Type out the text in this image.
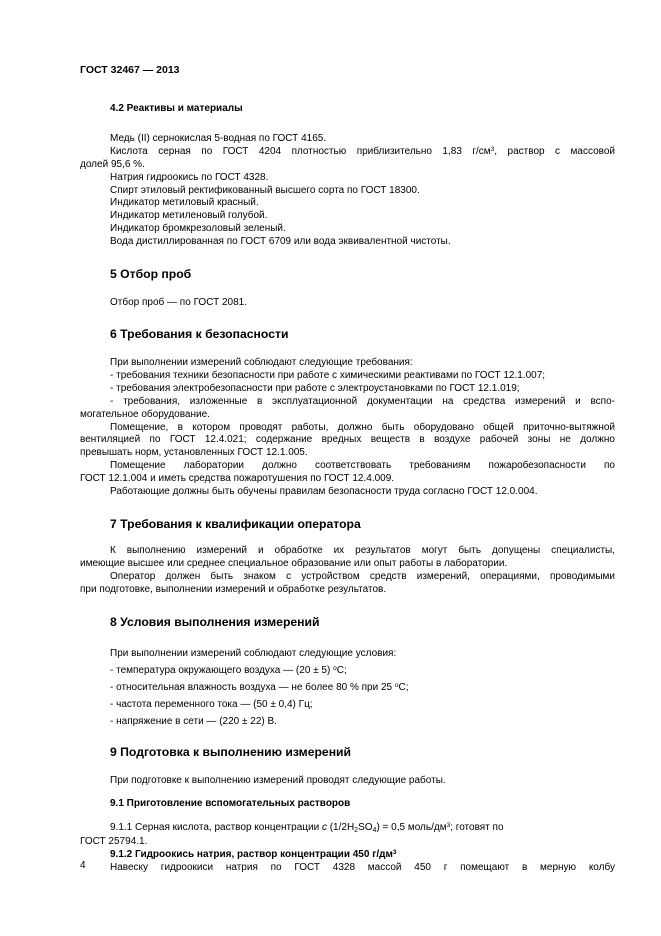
ГОСТ 32467 — 2013

4.2 Реактивы и материалы

Медь (II) сернокислая 5-водная по ГОСТ 4165.

Кислота серная по ГОСТ 4204 плотностью приблизительно 1,83 $г/см^3$, раствор с массовой

долей 95,6 %.

Натрия гидроокись по ГОСТ 4328.

Спирт этиловый ректификованный высшего сорта по ГОСТ 18300.

Индикатор метиловый красный.

Индикатор метиленовый голубой.

Индикатор бромкрезоловый зеленый.

Вода дистиллированная по ГОСТ 6709 или вода эквивалентной чистоты.

5 Отбор проб

Отбор проб — по ГОСТ 2081.

6 Требования к безопасности

При выполнении измерений соблюдают следующие требования:

- требования техники безопасности при работе с химическими реактивами по ГОСТ 12.1.007;

- требования электробезопасности при работе с электроустановками по ГОСТ 12.1.019;

- требования, изложенные в эксплуатационной документации на средства измерений и вспо-

могательное оборудование.

Помещение, в котором проводят работы, должно быть оборудовано общей приточно-вытяжной

вентиляцией по ГОСТ 12.4.021; содержание вредных веществ в воздухе рабочей зоны не должно

превышать норм, установленных ГОСТ 12.1.005.

Помещение лаборатории должно соответствовать требованиям пожаробезопасности по

ГОСТ 12.1.004 и иметь средства пожаротушения по ГОСТ 12.4.009.

Работающие должны быть обучены правилам безопасности труда согласно ГОСТ 12.0.004.

7 Требования к квалификации оператора

К выполнению измерений и обработке их результатов могут быть допущены специалисты,

имеющие высшее или среднее специальное образование или опыт работы в лаборатории.

Оператор должен быть знаком с устройством средств измерений, операциями, проводимыми

при подготовке, выполнении измерений и обработке результатов.

8 Условия выполнения измерений

При выполнении измерений соблюдают следующие условия:

- температура окружающего воздуха — (20 ± 5) $^о$С;

- относительная влажность воздуха — не более 80 % при 25 $^о$С;

- частота переменного тока — (50 ± 0,4) Гц;

- напряжение в сети — (220 ± 22) В.

9 Подготовка к выполнению измерений

При подготовке к выполнению измерений проводят следующие работы.

9.1 Приготовление вспомогательных растворов

9.1.1 Серная кислота, раствор концентрации с $(1/2H_2SO_4) = 0,5$ моль/$дм^3$; готовят по

ГОСТ 25794.1.

9.1.2 Гидроокись натрия, раствор концентрации 450 $г/дм^3$

Навеску гидроокиси натрия по ГОСТ 4328 массой 450 г помещают в мерную колбу

4
